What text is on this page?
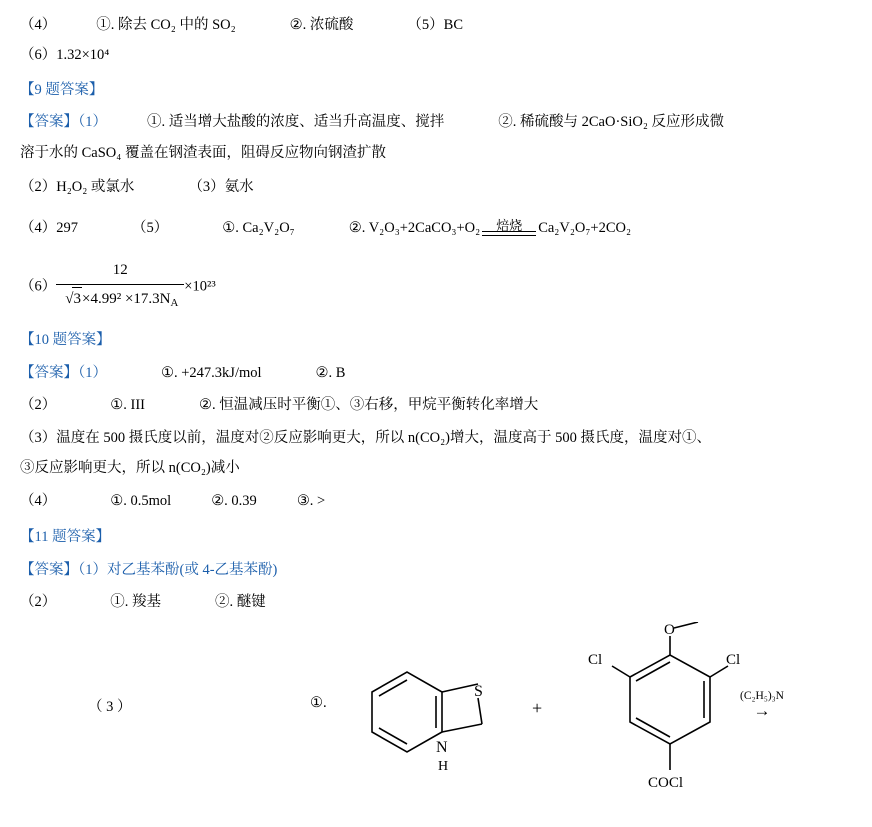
（4）	①. 除去 CO₂ 中的 SO₂	②. 浓硫酸	（5）BC
（6）1.32×10⁴
【9 题答案】
【答案】（1）	①. 适当增大盐酸的浓度、适当升高温度、搅拌	②. 稀硫酸与 2CaO·SiO₂ 反应形成微
溶于水的 CaSO₄ 覆盖在钢渣表面，阻碍反应物向钢渣扩散
（2）H₂O₂ 或氯水	（3）氨水
（4）297	（5）	①. Ca₂V₂O₇	②. V₂O₃+2CaCO₃+O₂	焙烧	Ca₂V₂O₇+2CO₂
（6） 12
√ $3\times 4.99^2 \times 17.3N_A \times 10^{23}$
【10 题答案】
【答案】（1）	①. +247.3kJ/mol	②. B
（2）	①. III	②. 恒温减压时平衡①、③右移，甲烷平衡转化率增大
（3）温度在 500 摄氏度以前，温度对②反应影响更大，所以 n(CO₂)增大，温度高于 500 摄氏度，温度对①、
③反应影响更大，所以 n(CO₂)减小
（4）	①. 0.5mol	②. 0.39	③. >
【11 题答案】
【答案】（1）对乙基苯酚(或 4-乙基苯酚)
（2）	①. 羧基	②. 醚键
（ 3 ）	①.
S
N
H
+
O
Cl	Cl
COCl
(C₂H₅)₃N
→
